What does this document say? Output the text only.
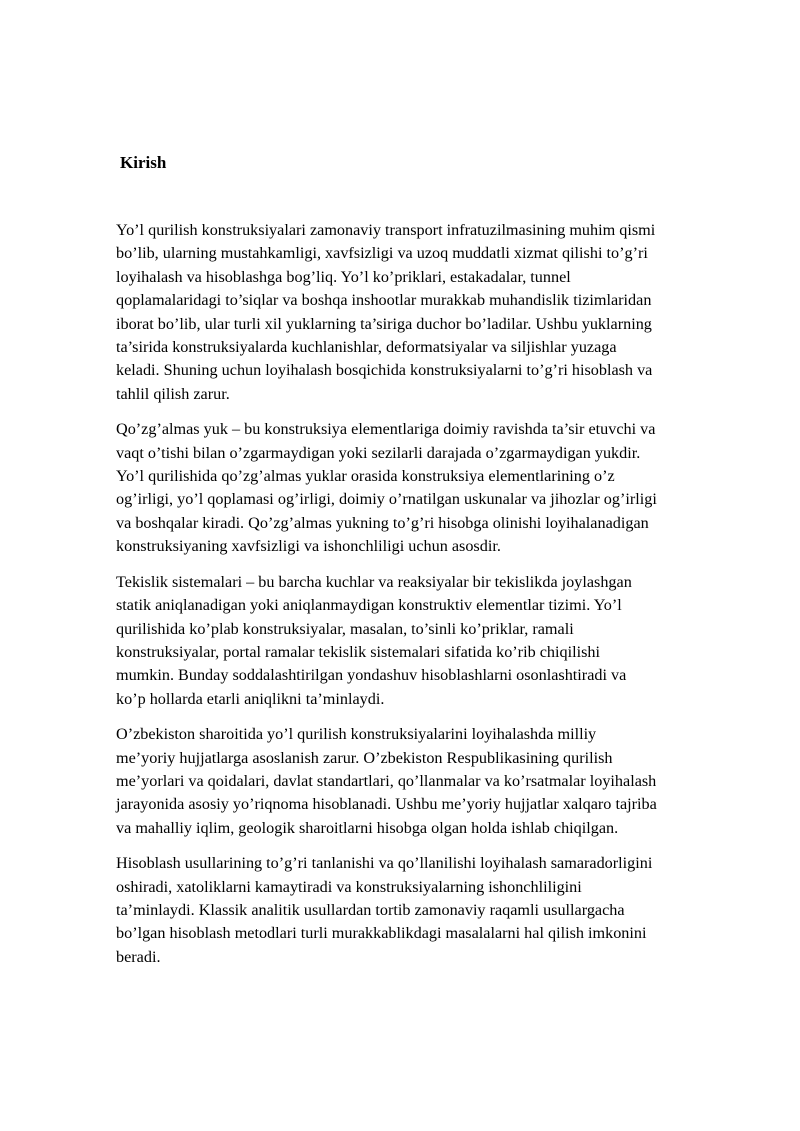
Kirish

Yo’l qurilish konstruksiyalari zamonaviy transport infratuzilmasining muhim qismi
bo’lib, ularning mustahkamligi, xavfsizligi va uzoq muddatli xizmat qilishi to’g’ri
loyihalash va hisoblashga bog’liq. Yo’l ko’priklari, estakadalar, tunnel
qoplamalaridagi to’siqlar va boshqa inshootlar murakkab muhandislik tizimlaridan
iborat bo’lib, ular turli xil yuklarning ta’siriga duchor bo’ladilar. Ushbu yuklarning
ta’sirida konstruksiyalarda kuchlanishlar, deformatsiyalar va siljishlar yuzaga
keladi. Shuning uchun loyihalash bosqichida konstruksiyalarni to’g’ri hisoblash va
tahlil qilish zarur.

Qo’zg’almas yuk – bu konstruksiya elementlariga doimiy ravishda ta’sir etuvchi va
vaqt o’tishi bilan o’zgarmaydigan yoki sezilarli darajada o’zgarmaydigan yukdir.
Yo’l qurilishida qo’zg’almas yuklar orasida konstruksiya elementlarining o’z
og’irligi, yo’l qoplamasi og’irligi, doimiy o’rnatilgan uskunalar va jihozlar og’irligi
va boshqalar kiradi. Qo’zg’almas yukning to’g’ri hisobga olinishi loyihalanadigan
konstruksiyaning xavfsizligi va ishonchliligi uchun asosdir.

Tekislik sistemalari – bu barcha kuchlar va reaksiyalar bir tekislikda joylashgan
statik aniqlanadigan yoki aniqlanmaydigan konstruktiv elementlar tizimi. Yo’l
qurilishida ko’plab konstruksiyalar, masalan, to’sinli ko’priklar, ramali
konstruksiyalar, portal ramalar tekislik sistemalari sifatida ko’rib chiqilishi
mumkin. Bunday soddalashtirilgan yondashuv hisoblashlarni osonlashtiradi va
ko’p hollarda etarli aniqlikni ta’minlaydi.

O’zbekiston sharoitida yo’l qurilish konstruksiyalarini loyihalashda milliy
me’yoriy hujjatlarga asoslanish zarur. O’zbekiston Respublikasining qurilish
me’yorlari va qoidalari, davlat standartlari, qo’llanmalar va ko’rsatmalar loyihalash
jarayonida asosiy yo’riqnoma hisoblanadi. Ushbu me’yoriy hujjatlar xalqaro tajriba
va mahalliy iqlim, geologik sharoitlarni hisobga olgan holda ishlab chiqilgan.

Hisoblash usullarining to’g’ri tanlanishi va qo’llanilishi loyihalash samaradorligini
oshiradi, xatoliklarni kamaytiradi va konstruksiyalarning ishonchliligini
ta’minlaydi. Klassik analitik usullardan tortib zamonaviy raqamli usullargacha
bo’lgan hisoblash metodlari turli murakkablikdagi masalalarni hal qilish imkonini
beradi.
